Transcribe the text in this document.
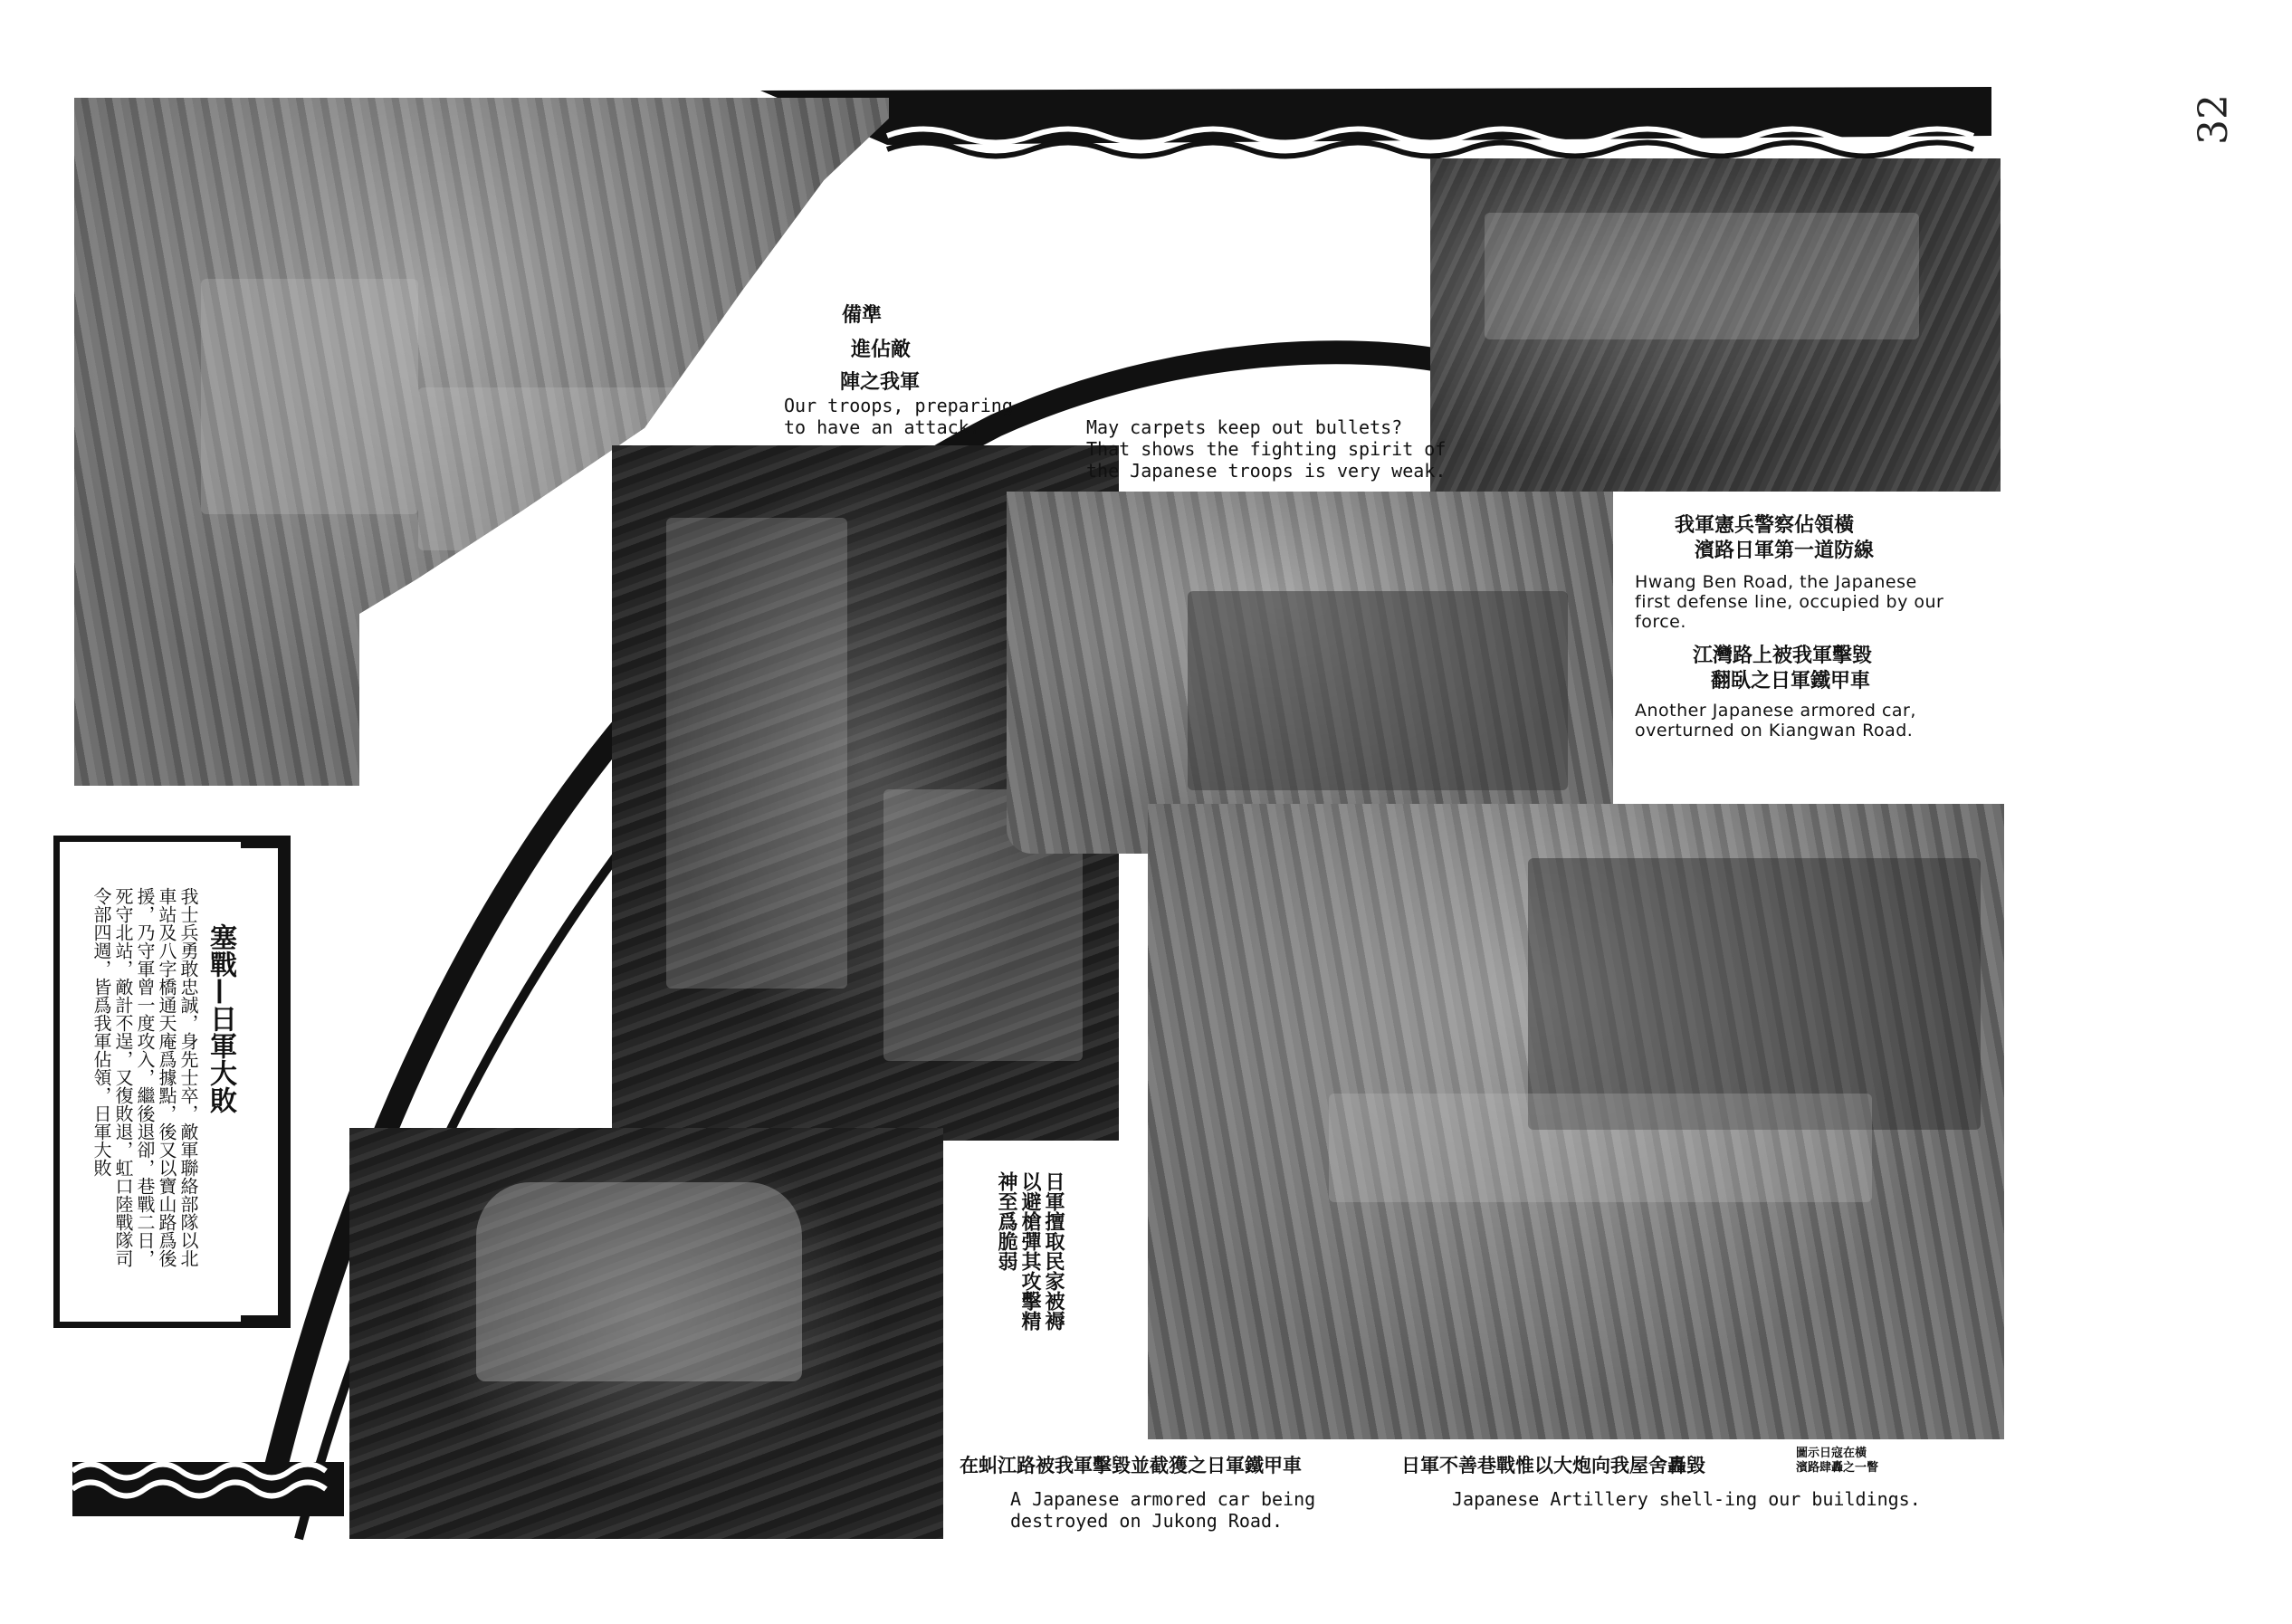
32
備準
進佔敵
陣之我軍
Our troops, preparing
to have an attack.	May carpets keep out bullets?
That shows the fighting spirit of
the Japanese troops is very weak.
我軍憲兵警察佔領橫
濱路日軍第一道防線
Hwang Ben Road, the Japanese
first defense line, occupied by our
force.
江灣路上被我軍擊毀
翻臥之日軍鐵甲車
Another Japanese armored car,
overturned on Kiangwan Road.
日軍擅取民家被褥以避槍彈其攻擊精神至爲脆弱
在虯江路被我軍擊毀並截獲之日軍鐵甲車
A Japanese armored car being
destroyed on Jukong Road.
日軍不善巷戰惟以大炮向我屋舍轟毀
圖示日寇在橫
濱路肆轟之一瞥
Japanese Artillery shell-ing our buildings.
塞戰—日軍大敗
我士兵勇敢忠誠，身先士卒，敵軍聯絡部隊以北車站及八字橋通天庵爲據點，後又以寶山路爲後援，乃守軍曾一度攻入，繼後退卻，巷戰二日，死守北站，敵計不逞，又復敗退，虹口陸戰隊司令部四週，皆爲我軍佔領，日軍大敗
